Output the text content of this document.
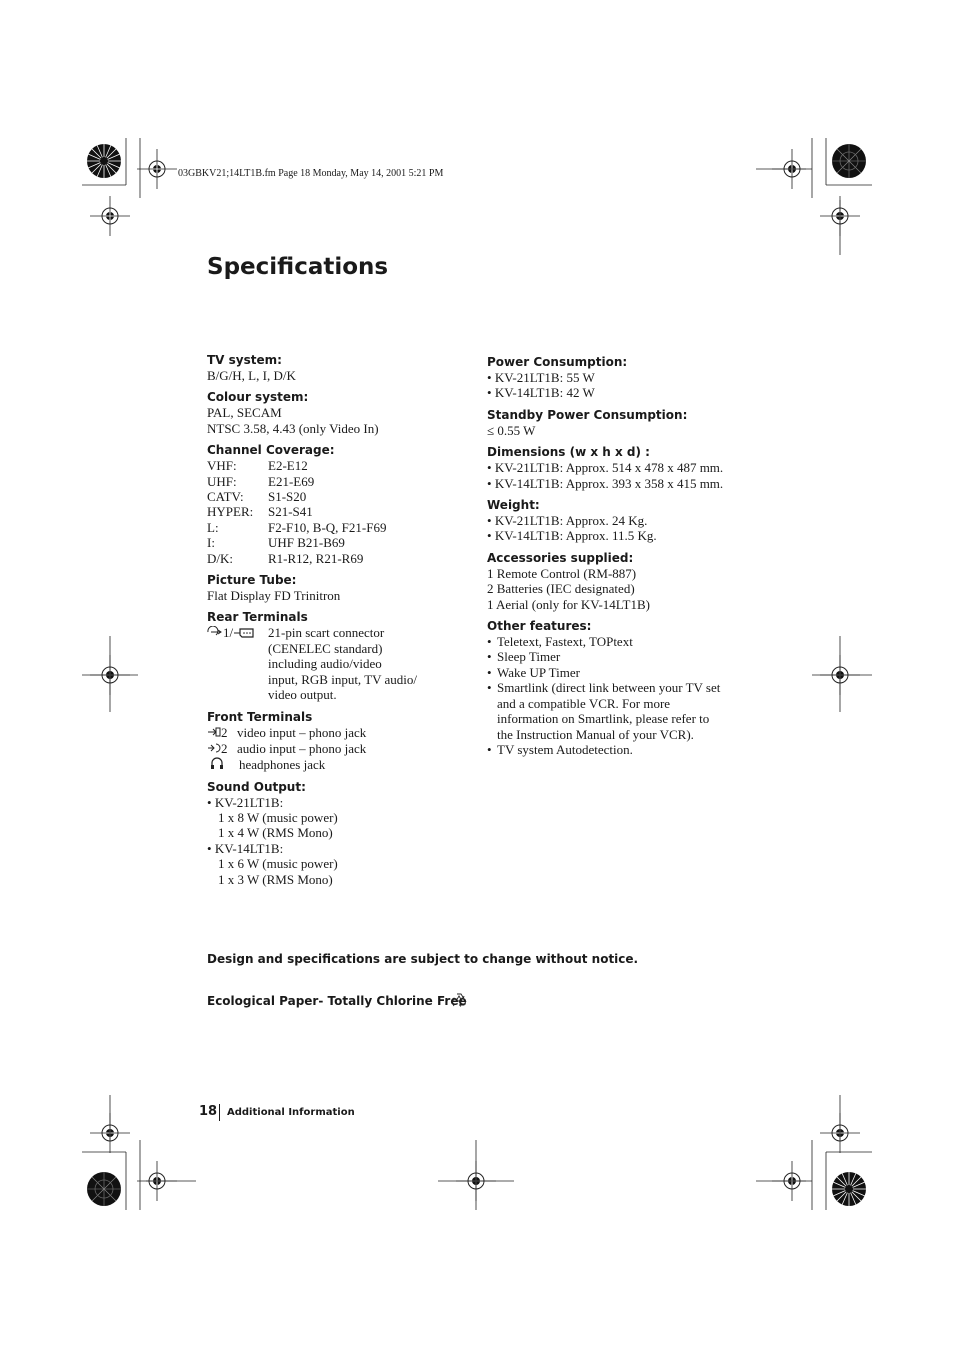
03GBKV21;14LT1B.fm Page 18 Monday, May 14, 2001 5:21 PM
Specifications
TV system:
B/G/H, L, I, D/K
Colour system:
PAL, SECAM
NTSC 3.58, 4.43 (only Video In)
Channel Coverage:
VHF:	E2-E12
UHF:	E21-E69
CATV:	S1-S20
HYPER:	S21-S41
L:	F2-F10, B-Q, F21-F69
I:	UHF B21-B69
D/K:	R1-R12, R21-R69
Picture Tube:
Flat Display FD Trinitron
Rear Terminals
1/	21-pin scart connector
(CENELEC standard)
including audio/video
input, RGB input, TV audio/
video output.
Front Terminals
2 video input – phono jack
2 audio input – phono jack
headphones jack
Sound Output:
• KV-21LT1B:
1 x 8 W (music power)
1 x 4 W (RMS Mono)
• KV-14LT1B:
1 x 6 W (music power)
1 x 3 W (RMS Mono)
Power Consumption:
• KV-21LT1B: 55 W
• KV-14LT1B: 42 W
Standby Power Consumption:
≤ 0.55 W
Dimensions (w x h x d) :
• KV-21LT1B: Approx. 514 x 478 x 487 mm.
• KV-14LT1B: Approx. 393 x 358 x 415 mm.
Weight:
• KV-21LT1B: Approx. 24 Kg.
• KV-14LT1B: Approx. 11.5 Kg.
Accessories supplied:
1 Remote Control (RM-887)
2 Batteries (IEC designated)
1 Aerial (only for KV-14LT1B)
Other features:
• Teletext, Fastext, TOPtext
• Sleep Timer
• Wake UP Timer
• Smartlink (direct link between your TV set
and a compatible VCR. For more
information on Smartlink, please refer to
the Instruction Manual of your VCR).
• TV system Autodetection.
Design and specifications are subject to change without notice.
Ecological Paper- Totally Chlorine Free
18 Additional Information
